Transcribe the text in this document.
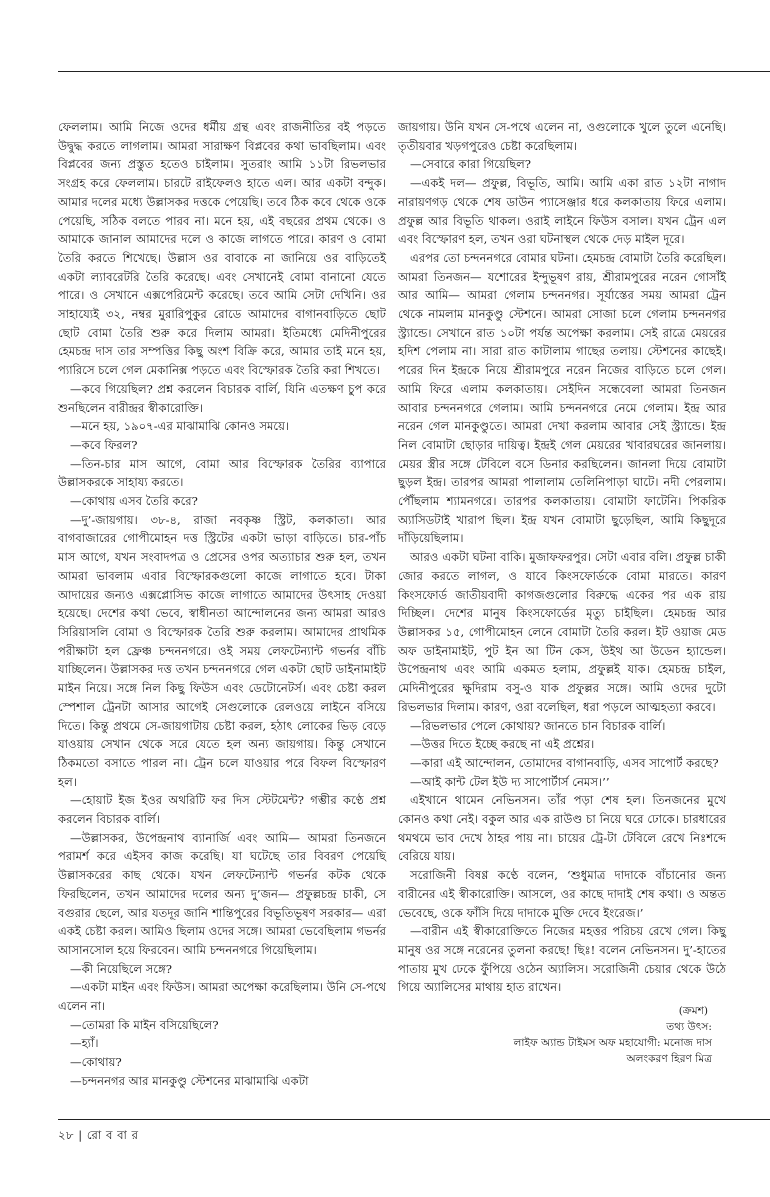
ফেললাম। আমি নিজে ওদের ধর্মীয় গ্রন্থ এবং রাজনীতির বই পড়তে উদ্বুদ্ধ করতে লাগলাম। আমরা সারাক্ষণ বিপ্লবের কথা ভাবছিলাম। এবং বিপ্লবের জন্য প্রস্তুত হতেও চাইলাম। সুতরাং আমি ১১টা রিভলভার সংগ্রহ করে ফেললাম। চারটে রাইফেলও হাতে এল। আর একটা বন্দুক। আমার দলের মধ্যে উল্লাসকর দত্তকে পেয়েছি। তবে ঠিক কবে থেকে ওকে পেয়েছি, সঠিক বলতে পারব না। মনে হয়, এই বছরের প্রথম থেকে। ও আমাকে জানাল আমাদের দলে ও কাজে লাগতে পারে। কারণ ও বোমা তৈরি করতে শিখেছে। উল্লাস ওর বাবাকে না জানিয়ে ওর বাড়িতেই একটা ল্যাবরেটরি তৈরি করেছে। এবং সেখানেই বোমা বানানো যেতে পারে। ও সেখানে এক্সপেরিমেন্ট করেছে। তবে আমি সেটা দেখিনি। ওর সাহায্যেই ৩২, নম্বর মুরারিপুকুর রোডে আমাদের বাগানবাড়িতে ছোট ছোট বোমা তৈরি শুরু করে দিলাম আমরা। ইতিমধ্যে মেদিনীপুরের হেমচন্দ্র দাস তার সম্পত্তির কিছু অংশ বিক্রি করে, আমার তাই মনে হয়, প্যারিসে চলে গেল মেকানিক্স পড়তে এবং বিস্ফোরক তৈরি করা শিখতে।

—কবে গিয়েছিল? প্রশ্ন করলেন বিচারক বার্লি, যিনি এতক্ষণ চুপ করে শুনছিলেন বারীন্দ্রর স্বীকারোক্তি।

—মনে হয়, ১৯০৭-এর মাঝামাঝি কোনও সময়ে।

—কবে ফিরল?

—তিন-চার মাস আগে, বোমা আর বিস্ফোরক তৈরির ব্যাপারে উল্লাসকরকে সাহায্য করতে।

—কোথায় এসব তৈরি করে?

—দু’-জায়গায়। ৩৮-৪, রাজা নবকৃষ্ণ স্ট্রিট, কলকাতা। আর বাগবাজারের গোপীমোহন দত্ত স্ট্রিটের একটা ভাড়া বাড়িতে। চার-পাঁচ মাস আগে, যখন সংবাদপত্র ও প্রেসের ওপর অত্যাচার শুরু হল, তখন আমরা ভাবলাম এবার বিস্ফোরকগুলো কাজে লাগাতে হবে। টাকা আদায়ের জন্যও এক্সপ্লোসিভ কাজে লাগাতে আমাদের উৎসাহ দেওয়া হয়েছে। দেশের কথা ভেবে, স্বাধীনতা আন্দোলনের জন্য আমরা আরও সিরিয়াসলি বোমা ও বিস্ফোরক তৈরি শুরু করলাম। আমাদের প্রাথমিক পরীক্ষাটা হল ফ্রেঞ্চ চন্দননগরে। ওই সময় লেফটেন্যান্ট গভর্নর বাঁচি যাচ্ছিলেন। উল্লাসকর দত্ত তখন চন্দননগরে গেল একটা ছোট ডাইনামাইট মাইন নিয়ে। সঙ্গে নিল কিছু ফিউস এবং ডেটোনেটর্স। এবং চেষ্টা করল স্পেশাল ট্রেনটা আসার আগেই সেগুলোকে রেলওয়ে লাইনে বসিয়ে দিতে। কিন্তু প্রথমে সে-জায়গাটায় চেষ্টা করল, হঠাৎ লোকের ভিড় বেড়ে যাওয়ায় সেখান থেকে সরে যেতে হল অন্য জায়গায়। কিন্তু সেখানে ঠিকমতো বসাতে পারল না। ট্রেন চলে যাওয়ার পরে বিফল বিস্ফোরণ হল।

—হোয়াট ইজ ইওর অথরিটি ফর দিস স্টেটমেন্ট? গম্ভীর কণ্ঠে প্রশ্ন করলেন বিচারক বার্লি।

—উল্লাসকর, উপেন্দ্রনাথ ব্যানার্জি এবং আমি— আমরা তিনজনে পরামর্শ করে এইসব কাজ করেছি। যা ঘটেছে তার বিবরণ পেয়েছি উল্লাসকরের কাছ থেকে। যখন লেফটেন্যান্ট গভর্নর কটক থেকে ফিরছিলেন, তখন আমাদের দলের অন্য দু’জন— প্রফুল্লচন্দ্র চাকী, সে বগুরার ছেলে, আর যতদূর জানি শান্তিপুরের বিভূতিভূষণ সরকার— এরা একই চেষ্টা করল। আমিও ছিলাম ওদের সঙ্গে। আমরা ভেবেছিলাম গভর্নর আসানসোল হয়ে ফিরবেন। আমি চন্দননগরে গিয়েছিলাম।

—কী নিয়েছিলে সঙ্গে?

—একটা মাইন এবং ফিউস। আমরা অপেক্ষা করেছিলাম। উনি সে-পথে এলেন না।

—তোমরা কি মাইন বসিয়েছিলে?

—হ্যাঁ।

—কোথায়?

—চন্দননগর আর মানকুণ্ডু স্টেশনের মাঝামাঝি একটা

জায়গায়। উনি যখন সে-পথে এলেন না, ওগুলোকে খুলে তুলে এনেছি। তৃতীয়বার খড়গপুরেও চেষ্টা করেছিলাম।

—সেবারে কারা গিয়েছিল?

—একই দল— প্রফুল্ল, বিভূতি, আমি। আমি একা রাত ১২টা নাগাদ নারায়ণগড় থেকে শেষ ডাউন প্যাসেঞ্জার ধরে কলকাতায় ফিরে এলাম। প্রফুল্ল আর বিভূতি থাকল। ওরাই লাইনে ফিউস বসাল। যখন ট্রেন এল এবং বিস্ফোরণ হল, তখন ওরা ঘটনাস্থল থেকে দেড় মাইল দূরে।

এরপর তো চন্দননগরে বোমার ঘটনা। হেমচন্দ্র বোমাটা তৈরি করেছিল। আমরা তিনজন— যশোরের ইন্দুভূষণ রায়, শ্রীরামপুরের নরেন গোসাঁই আর আমি— আমরা গেলাম চন্দননগর। সূর্যাস্তের সময় আমরা ট্রেন থেকে নামলাম মানকুণ্ডু স্টেশনে। আমরা সোজা চলে গেলাম চন্দননগর স্ট্র্যান্ডে। সেখানে রাত ১০টা পর্যন্ত অপেক্ষা করলাম। সেই রাত্রে মেয়রের হদিশ পেলাম না। সারা রাত কাটালাম গাছের তলায়। স্টেশনের কাছেই। পরের দিন ইন্দ্রকে নিয়ে শ্রীরামপুরে নরেন নিজের বাড়িতে চলে গেল। আমি ফিরে এলাম কলকাতায়। সেইদিন সন্ধেবেলা আমরা তিনজন আবার চন্দননগরে গেলাম। আমি চন্দননগরে নেমে গেলাম। ইন্দ্র আর নরেন গেল মানকুণ্ডুতে। আমরা দেখা করলাম আবার সেই স্ট্র্যান্ডে। ইন্দ্র নিল বোমাটা ছোড়ার দায়িত্ব। ইন্দ্রই গেল মেয়রের খাবারঘরের জানলায়। মেয়র স্ত্রীর সঙ্গে টেবিলে বসে ডিনার করছিলেন। জানলা দিয়ে বোমাটা ছুড়ল ইন্দ্র। তারপর আমরা পালালাম তেলিনিপাড়া ঘাটে। নদী পেরলাম। পৌঁছলাম শ্যামনগরে। তারপর কলকাতায়। বোমাটা ফাটেনি। পিকরিক অ্যাসিডটাই খারাপ ছিল। ইন্দ্র যখন বোমাটা ছুড়েছিল, আমি কিছুদূরে দাঁড়িয়েছিলাম।

আরও একটা ঘটনা বাকি। মুজাফফরপুর। সেটা এবার বলি। প্রফুল্ল চাকী জোর করতে লাগল, ও যাবে কিংসফোর্ডকে বোমা মারতে। কারণ কিংসফোর্ড জাতীয়বাদী কাগজগুলোর বিরুদ্ধে একের পর এক রায় দিচ্ছিল। দেশের মানুষ কিংসফোর্ডের মৃত্যু চাইছিল। হেমচন্দ্র আর উল্লাসকর ১৫, গোপীমোহন লেনে বোমাটা তৈরি করল। ইট ওয়াজ মেড অফ ডাইনামাইট, পুট ইন আ টিন কেস, উইথ আ উডেন হ্যান্ডেল। উপেন্দ্রনাথ এবং আমি একমত হলাম, প্রফুল্লই যাক। হেমচন্দ্র চাইল, মেদিনীপুরের ক্ষুদিরাম বসু-ও যাক প্রফুল্লর সঙ্গে। আমি ওদের দুটো রিভলভার দিলাম। কারণ, ওরা বলেছিল, ধরা পড়লে আত্মহত্যা করবে।

—রিভলভার পেলে কোথায়? জানতে চান বিচারক বার্লি।

—উত্তর দিতে ইচ্ছে করছে না এই প্রশ্নের।

—কারা এই আন্দোলন, তোমাদের বাগানবাড়ি, এসব সাপোর্ট করছে?

—আই কান্ট টেল ইউ দ্য সাপোর্টার্স নেমস।’’

এইখানে থামেন নেভিনসন। তাঁর পড়া শেষ হল। তিনজনের মুখে কোনও কথা নেই। বকুল আর এক রাউণ্ড চা নিয়ে ঘরে ঢোকে। চারধারের থমথমে ভাব দেখে ঠাহর পায় না। চায়ের ট্রে-টা টেবিলে রেখে নিঃশব্দে বেরিয়ে যায়।

সরোজিনী বিষণ্ণ কণ্ঠে বলেন, ‘শুধুমাত্র দাদাকে বাঁচানোর জন্য বারীনের এই স্বীকারোক্তি। আসলে, ওর কাছে দাদাই শেষ কথা। ও অন্তত ভেবেছে, ওকে ফাঁসি দিয়ে দাদাকে মুক্তি দেবে ইংরেজ।’

—বারীন এই স্বীকারোক্তিতে নিজের মহত্তর পরিচয় রেখে গেল। কিছু মানুষ ওর সঙ্গে নরেনের তুলনা করছে! ছিঃ! বলেন নেভিনসন। দু’-হাতের পাতায় মুখ ঢেকে ফুঁপিয়ে ওঠেন অ্যালিস। সরোজিনী চেয়ার থেকে উঠে গিয়ে অ্যালিসের মাথায় হাত রাখেন।

(ক্রমশ)
তথ্য উৎস:
লাইফ অ্যান্ড টাইমস অফ মহাযোগী: মনোজ দাস
অলংকরণ হিরণ মিত্র
২৮ | রো ব বা র
